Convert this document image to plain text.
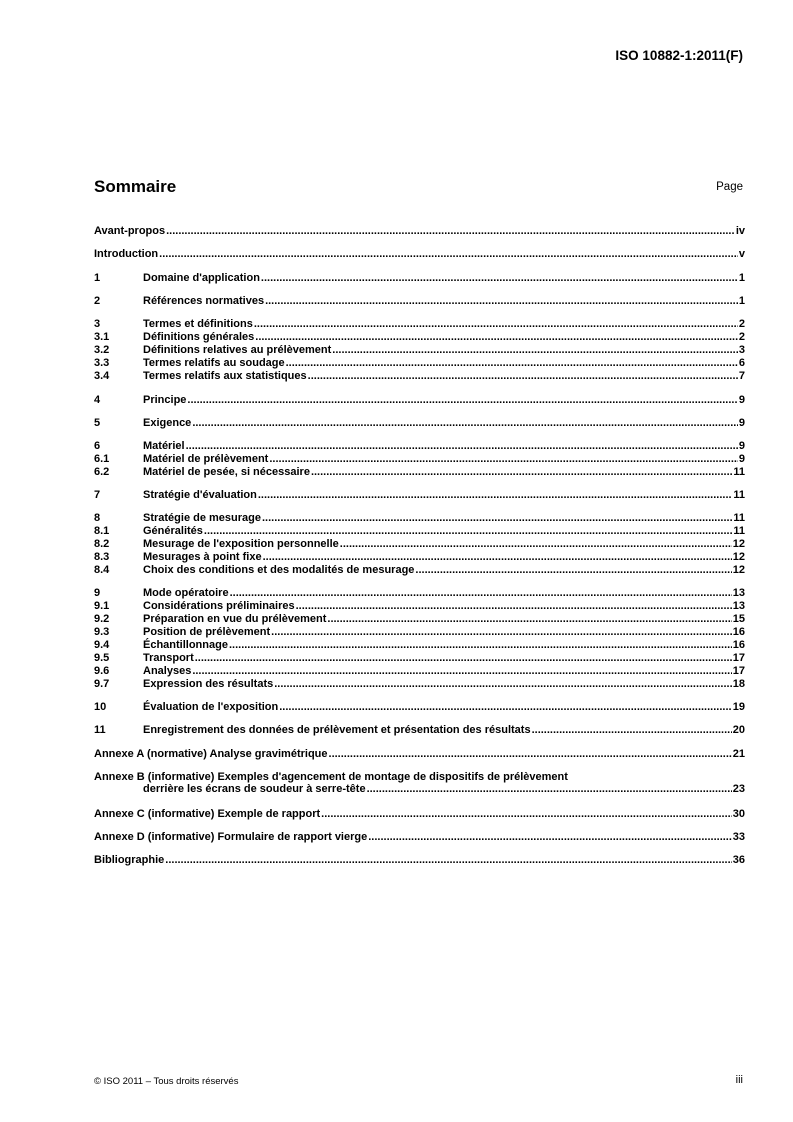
ISO 10882-1:2011(F)
Sommaire	Page
Avant-propos .....	iv
Introduction .....	v
1	Domaine d'application .....	1
2	Références normatives .....	1
3	Termes et définitions .....	2
3.1	Définitions générales .....	2
3.2	Définitions relatives au prélèvement .....	3
3.3	Termes relatifs au soudage .....	6
3.4	Termes relatifs aux statistiques .....	7
4	Principe .....	9
5	Exigence .....	9
6	Matériel .....	9
6.1	Matériel de prélèvement .....	9
6.2	Matériel de pesée, si nécessaire .....	11
7	Stratégie d'évaluation .....	11
8	Stratégie de mesurage .....	11
8.1	Généralités .....	11
8.2	Mesurage de l'exposition personnelle .....	12
8.3	Mesurages à point fixe .....	12
8.4	Choix des conditions et des modalités de mesurage .....	12
9	Mode opératoire .....	13
9.1	Considérations préliminaires .....	13
9.2	Préparation en vue du prélèvement .....	15
9.3	Position de prélèvement .....	16
9.4	Échantillonnage .....	16
9.5	Transport .....	17
9.6	Analyses .....	17
9.7	Expression des résultats .....	18
10	Évaluation de l'exposition .....	19
11	Enregistrement des données de prélèvement et présentation des résultats .....	20
Annexe A (normative) Analyse gravimétrique .....	21
Annexe B (informative) Exemples d'agencement de montage de dispositifs de prélèvement
derrière les écrans de soudeur à serre-tête .....	23
Annexe C (informative) Exemple de rapport .....	30
Annexe D (informative) Formulaire de rapport vierge .....	33
Bibliographie .....	36
© ISO 2011 – Tous droits réservés	iii
